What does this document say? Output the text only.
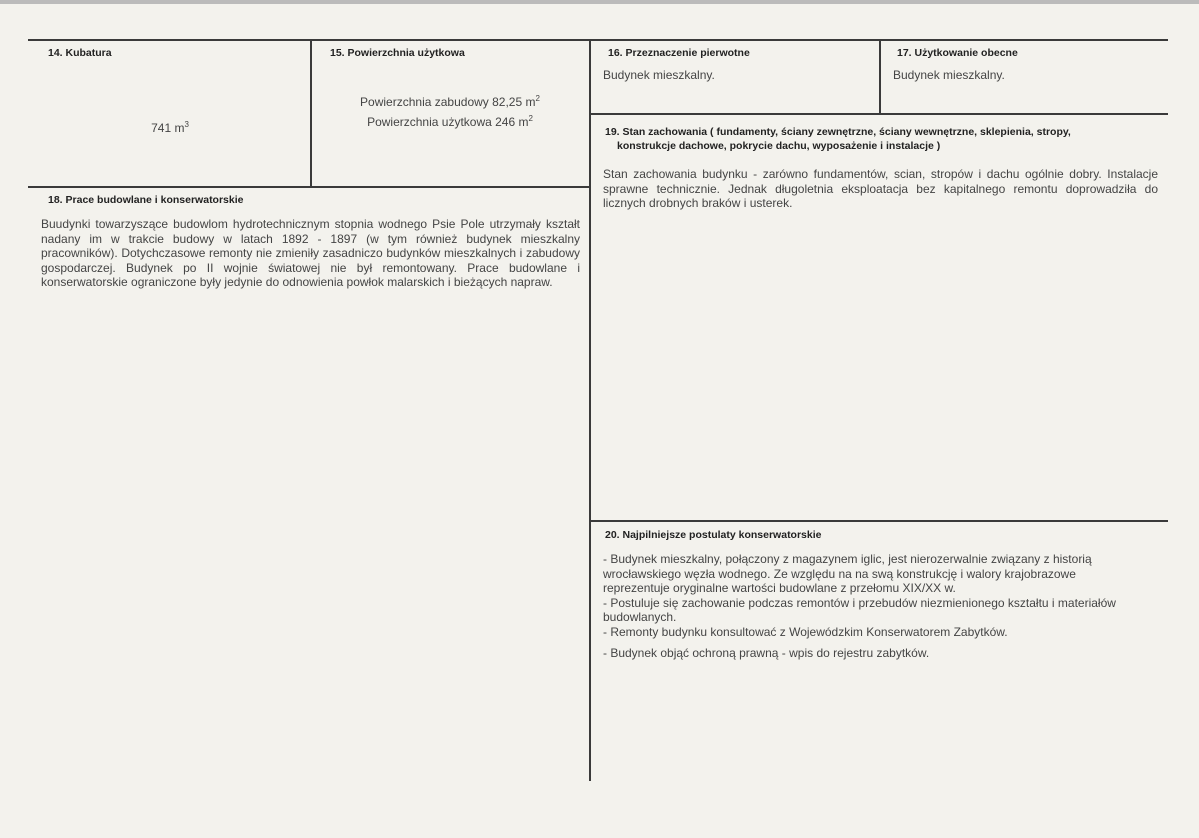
14. Kubatura
741 $m^3$
15. Powierzchnia użytkowa
Powierzchnia zabudowy 82,25 $m^2$
Powierzchnia użytkowa 246 $m^2$
16. Przeznaczenie pierwotne
Budynek mieszkalny.
17. Użytkowanie obecne
Budynek mieszkalny.
18. Prace budowlane i konserwatorskie
Buudynki towarzyszące budowlom hydrotechnicznym stopnia wodnego Psie Pole utrzymały kształt nadany im w trakcie budowy w latach 1892 - 1897 (w tym również budynek mieszkalny pracowników). Dotychczasowe remonty nie zmieniły zasadniczo budynków mieszkalnych i zabudowy gospodarczej. Budynek po II wojnie światowej nie był remontowany. Prace budowlane i konserwatorskie ograniczone były jedynie do odnowienia powłok malarskich i bieżących napraw.
19. Stan zachowania ( fundamenty, ściany zewnętrzne, ściany wewnętrzne, sklepienia, stropy,
konstrukcje dachowe, pokrycie dachu, wyposażenie i instalacje )
Stan zachowania budynku - zarówno fundamentów, scian, stropów i dachu ogólnie dobry. Instalacje sprawne technicznie. Jednak długoletnia eksploatacja bez kapitalnego remontu doprowadziła do licznych drobnych braków i usterek.
20. Najpilniejsze postulaty konserwatorskie
- Budynek mieszkalny, połączony z magazynem iglic, jest nierozerwalnie związany z historią wrocławskiego węzła wodnego. Ze względu na na swą konstrukcję i walory krajobrazowe reprezentuje oryginalne wartości budowlane z przełomu XIX/XX w.
- Postuluje się zachowanie podczas remontów i przebudów niezmienionego kształtu i materiałów budowlanych.
- Remonty budynku konsultować z Wojewódzkim Konserwatorem Zabytków.
- Budynek objąć ochroną prawną - wpis do rejestru zabytków.
